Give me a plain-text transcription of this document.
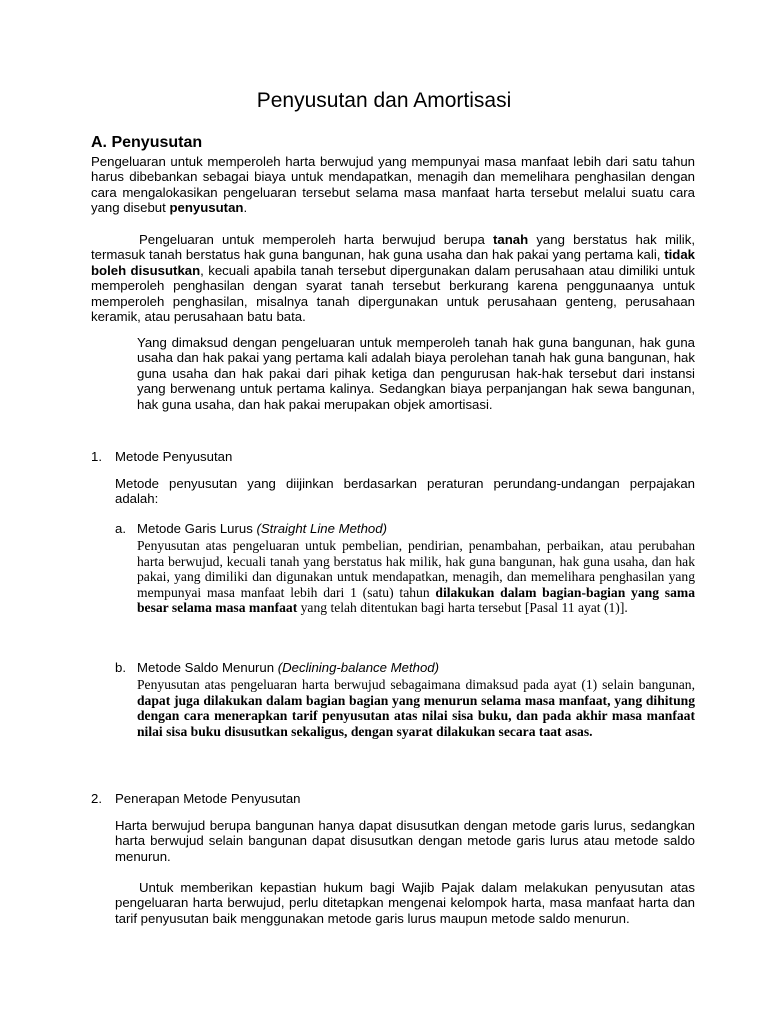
Penyusutan dan Amortisasi
A. Penyusutan

Pengeluaran untuk memperoleh harta berwujud yang mempunyai masa manfaat lebih dari satu tahun harus dibebankan sebagai biaya untuk mendapatkan, menagih dan memelihara penghasilan dengan cara mengalokasikan pengeluaran tersebut selama masa manfaat harta tersebut melalui suatu cara yang disebut penyusutan.

Pengeluaran untuk memperoleh harta berwujud berupa tanah yang berstatus hak milik, termasuk tanah berstatus hak guna bangunan, hak guna usaha dan hak pakai yang pertama kali, tidak boleh disusutkan, kecuali apabila tanah tersebut dipergunakan dalam perusahaan atau dimiliki untuk memperoleh penghasilan dengan syarat tanah tersebut berkurang karena penggunaanya untuk memperoleh penghasilan, misalnya tanah dipergunakan untuk perusahaan genteng, perusahaan keramik, atau perusahaan batu bata.

Yang dimaksud dengan pengeluaran untuk memperoleh tanah hak guna bangunan, hak guna usaha dan hak pakai yang pertama kali adalah biaya perolehan tanah hak guna bangunan, hak guna usaha dan hak pakai dari pihak ketiga dan pengurusan hak-hak tersebut dari instansi yang berwenang untuk pertama kalinya. Sedangkan biaya perpanjangan hak sewa bangunan, hak guna usaha, dan hak pakai merupakan objek amortisasi.

1. Metode Penyusutan

Metode penyusutan yang diijinkan berdasarkan peraturan perundang-undangan perpajakan adalah:

a. Metode Garis Lurus (Straight Line Method)

Penyusutan atas pengeluaran untuk pembelian, pendirian, penambahan, perbaikan, atau perubahan harta berwujud, kecuali tanah yang berstatus hak milik, hak guna bangunan, hak guna usaha, dan hak pakai, yang dimiliki dan digunakan untuk mendapatkan, menagih, dan memelihara penghasilan yang mempunyai masa manfaat lebih dari 1 (satu) tahun dilakukan dalam bagian-bagian yang sama besar selama masa manfaat yang telah ditentukan bagi harta tersebut [Pasal 11 ayat (1)].

b. Metode Saldo Menurun (Declining-balance Method)

Penyusutan atas pengeluaran harta berwujud sebagaimana dimaksud pada ayat (1) selain bangunan, dapat juga dilakukan dalam bagian bagian yang menurun selama masa manfaat, yang dihitung dengan cara menerapkan tarif penyusutan atas nilai sisa buku, dan pada akhir masa manfaat nilai sisa buku disusutkan sekaligus, dengan syarat dilakukan secara taat asas.

2. Penerapan Metode Penyusutan

Harta berwujud berupa bangunan hanya dapat disusutkan dengan metode garis lurus, sedangkan harta berwujud selain bangunan dapat disusutkan dengan metode garis lurus atau metode saldo menurun.

Untuk memberikan kepastian hukum bagi Wajib Pajak dalam melakukan penyusutan atas pengeluaran harta berwujud, perlu ditetapkan mengenai kelompok harta, masa manfaat harta dan tarif penyusutan baik menggunakan metode garis lurus maupun metode saldo menurun.
